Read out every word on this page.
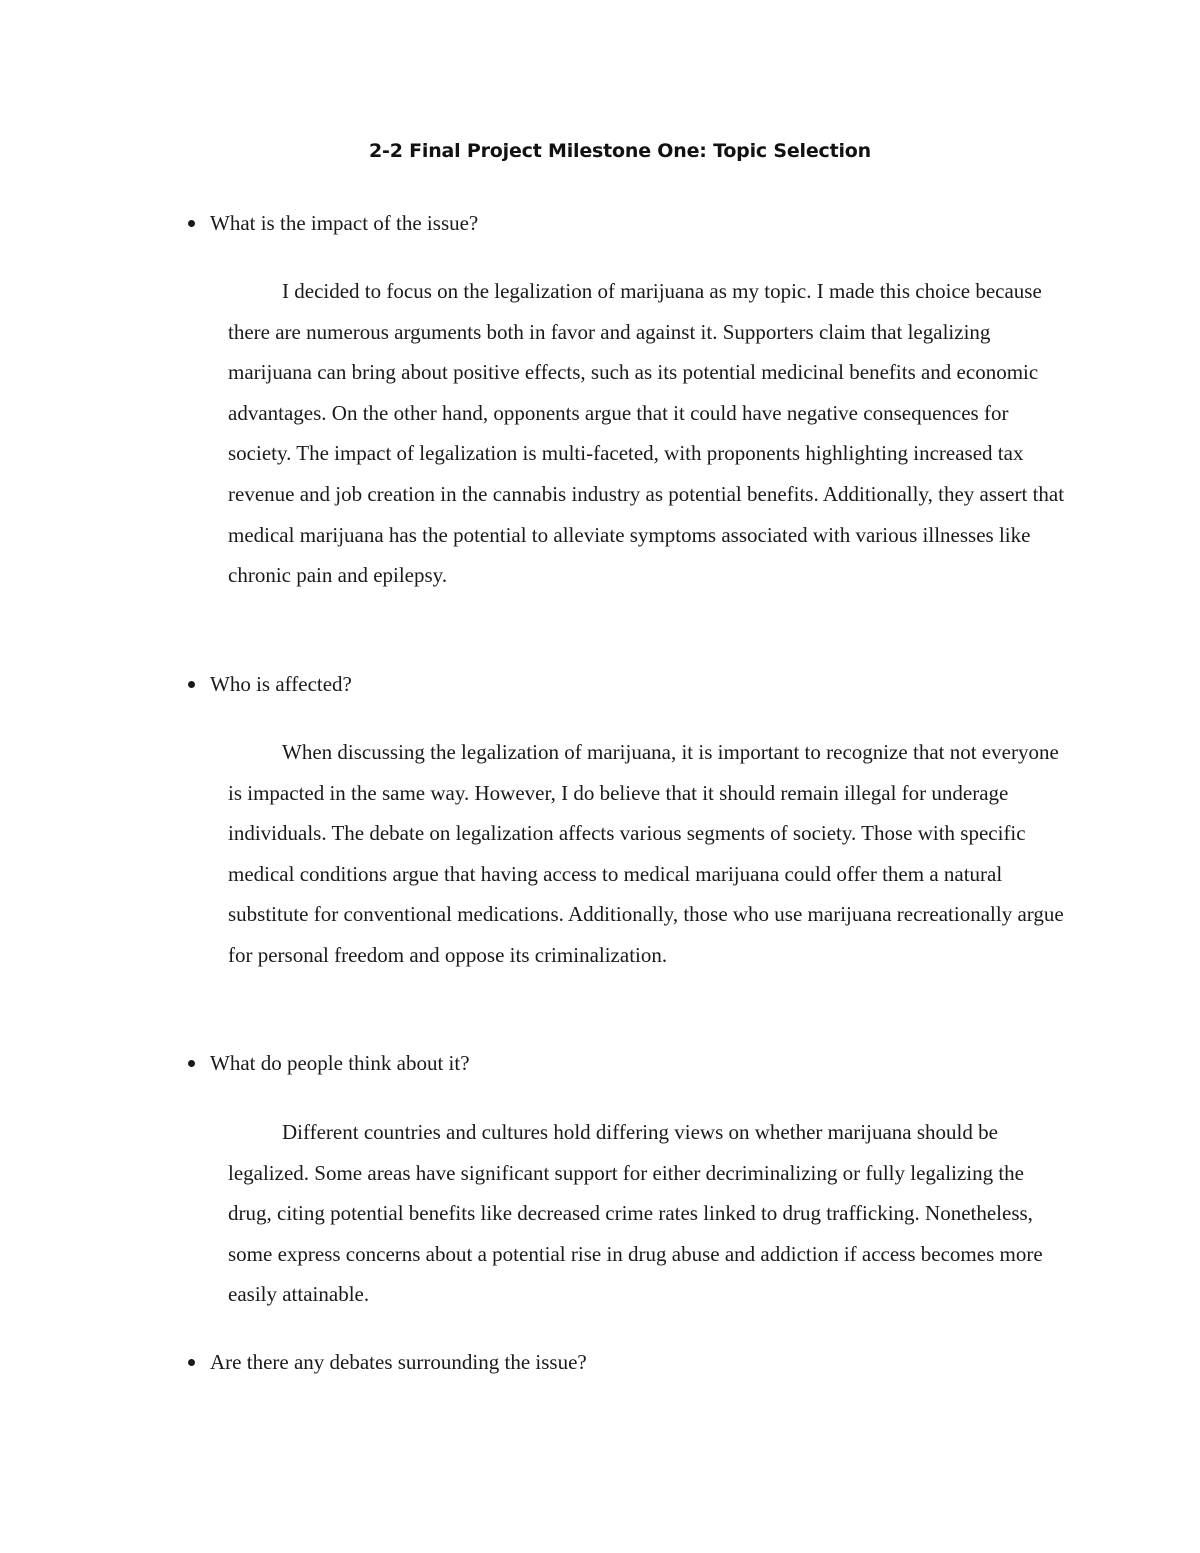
2-2 Final Project Milestone One: Topic Selection
What is the impact of the issue?

I decided to focus on the legalization of marijuana as my topic. I made this choice because there are numerous arguments both in favor and against it. Supporters claim that legalizing marijuana can bring about positive effects, such as its potential medicinal benefits and economic advantages. On the other hand, opponents argue that it could have negative consequences for society. The impact of legalization is multi-faceted, with proponents highlighting increased tax revenue and job creation in the cannabis industry as potential benefits. Additionally, they assert that medical marijuana has the potential to alleviate symptoms associated with various illnesses like chronic pain and epilepsy.

Who is affected?

When discussing the legalization of marijuana, it is important to recognize that not everyone is impacted in the same way. However, I do believe that it should remain illegal for underage individuals. The debate on legalization affects various segments of society. Those with specific medical conditions argue that having access to medical marijuana could offer them a natural substitute for conventional medications. Additionally, those who use marijuana recreationally argue for personal freedom and oppose its criminalization.

What do people think about it?

Different countries and cultures hold differing views on whether marijuana should be legalized. Some areas have significant support for either decriminalizing or fully legalizing the drug, citing potential benefits like decreased crime rates linked to drug trafficking. Nonetheless, some express concerns about a potential rise in drug abuse and addiction if access becomes more easily attainable.

Are there any debates surrounding the issue?
